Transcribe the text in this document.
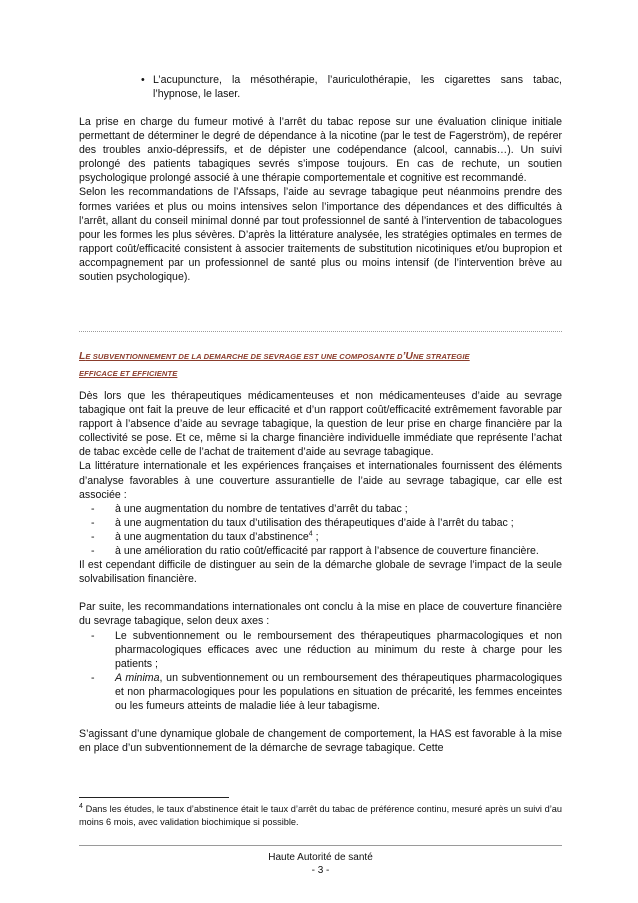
• L’acupuncture, la mésothérapie, l’auriculothérapie, les cigarettes sans tabac, l’hypnose, le laser.

La prise en charge du fumeur motivé à l’arrêt du tabac repose sur une évaluation clinique initiale permettant de déterminer le degré de dépendance à la nicotine (par le test de Fagerström), de repérer des troubles anxio-dépressifs, et de dépister une codépendance (alcool, cannabis…). Un suivi prolongé des patients tabagiques sevrés s’impose toujours. En cas de rechute, un soutien psychologique prolongé associé à une thérapie comportementale et cognitive est recommandé.

Selon les recommandations de l’Afssaps, l’aide au sevrage tabagique peut néanmoins prendre des formes variées et plus ou moins intensives selon l’importance des dépendances et des difficultés à l’arrêt, allant du conseil minimal donné par tout professionnel de santé à l’intervention de tabacologues pour les formes les plus sévères. D’après la littérature analysée, les stratégies optimales en termes de rapport coût/efficacité consistent à associer traitements de substitution nicotiniques et/ou bupropion et accompagnement par un professionnel de santé plus ou moins intensif (de l’intervention brève au soutien psychologique).

LE SUBVENTIONNEMENT DE LA DEMARCHE DE SEVRAGE EST UNE COMPOSANTE D’UNE STRATEGIE
EFFICACE ET EFFICIENTE

Dès lors que les thérapeutiques médicamenteuses et non médicamenteuses d’aide au sevrage tabagique ont fait la preuve de leur efficacité et d’un rapport coût/efficacité extrêmement favorable par rapport à l’absence d’aide au sevrage tabagique, la question de leur prise en charge financière par la collectivité se pose. Et ce, même si la charge financière individuelle immédiate que représente l’achat de tabac excède celle de l’achat de traitement d’aide au sevrage tabagique.

La littérature internationale et les expériences françaises et internationales fournissent des éléments d’analyse favorables à une couverture assurantielle de l’aide au sevrage tabagique, car elle est associée :

- à une augmentation du nombre de tentatives d’arrêt du tabac ;
- à une augmentation du taux d’utilisation des thérapeutiques d’aide à l’arrêt du tabac ;
- à une augmentation du taux d’abstinence$^4$ ;
- à une amélioration du ratio coût/efficacité par rapport à l’absence de couverture financière.

Il est cependant difficile de distinguer au sein de la démarche globale de sevrage l’impact de la seule solvabilisation financière.

Par suite, les recommandations internationales ont conclu à la mise en place de couverture financière du sevrage tabagique, selon deux axes :

- Le subventionnement ou le remboursement des thérapeutiques pharmacologiques et non pharmacologiques efficaces avec une réduction au minimum du reste à charge pour les patients ;
- A minima, un subventionnement ou un remboursement des thérapeutiques pharmacologiques et non pharmacologiques pour les populations en situation de précarité, les femmes enceintes ou les fumeurs atteints de maladie liée à leur tabagisme.

S’agissant d’une dynamique globale de changement de comportement, la HAS est favorable à la mise en place d’un subventionnement de la démarche de sevrage tabagique. Cette

$^4$ Dans les études, le taux d’abstinence était le taux d’arrêt du tabac de préférence continu, mesuré après un suivi d’au moins 6 mois, avec validation biochimique si possible.
Haute Autorité de santé
- 3 -
